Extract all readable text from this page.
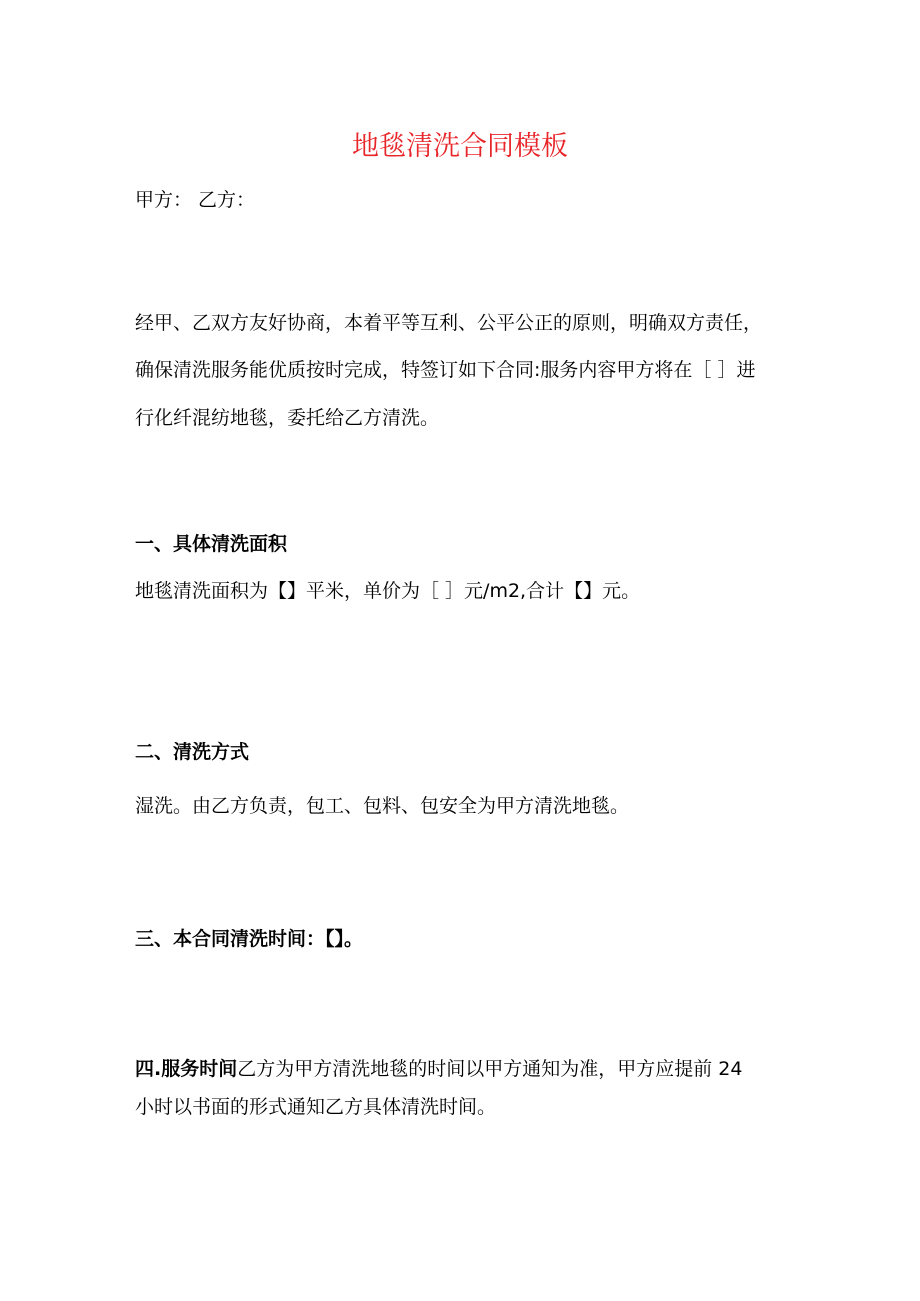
地毯清洗合同模板
甲方： 乙方：
经甲、乙双方友好协商，本着平等互利、公平公正的原则，明确双方责任，
确保清洗服务能优质按时完成，特签订如下合同:服务内容甲方将在［ ］进
行化纤混纺地毯，委托给乙方清洗。
一、具体清洗面积
地毯清洗面积为【】平米，单价为［ ］元/m2,合计【】元。
二、清洗方式
湿洗。由乙方负责，包工、包料、包安全为甲方清洗地毯。
三、本合同清洗时间：【】。
四.服务时间乙方为甲方清洗地毯的时间以甲方通知为准，甲方应提前 24
小时以书面的形式通知乙方具体清洗时间。
